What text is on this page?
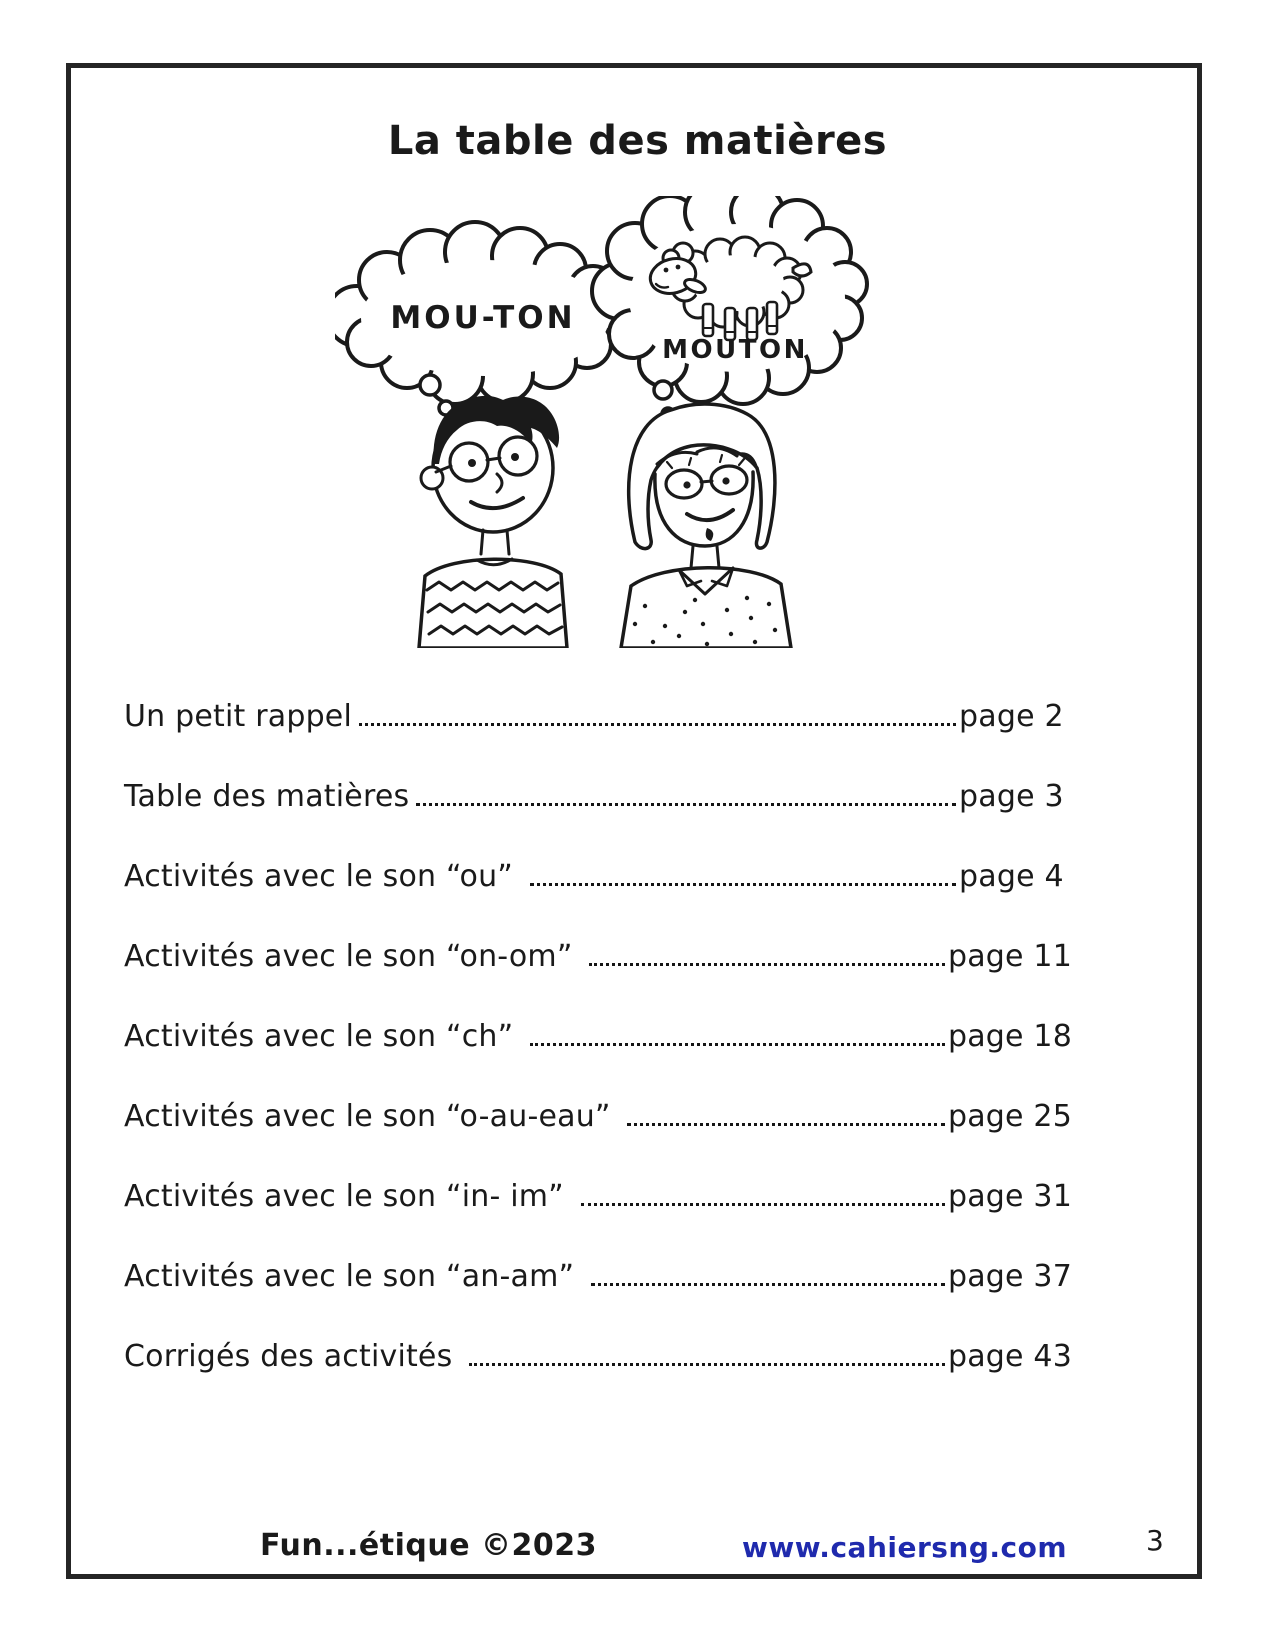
La table des matières
MOU-TON
MOUTON
Un petit rappel	page 2
Table des matières	page 3
Activités avec le son “ou”	page 4
Activités avec le son “on-om”	page 11
Activités avec le son “ch”	page 18
Activités avec le son “o-au-eau”	page 25
Activités avec le son “in- im”	page 31
Activités avec le son “an-am”	page 37
Corrigés des activités	page 43
Fun...étique ©2023	www.cahiersng.com	3
